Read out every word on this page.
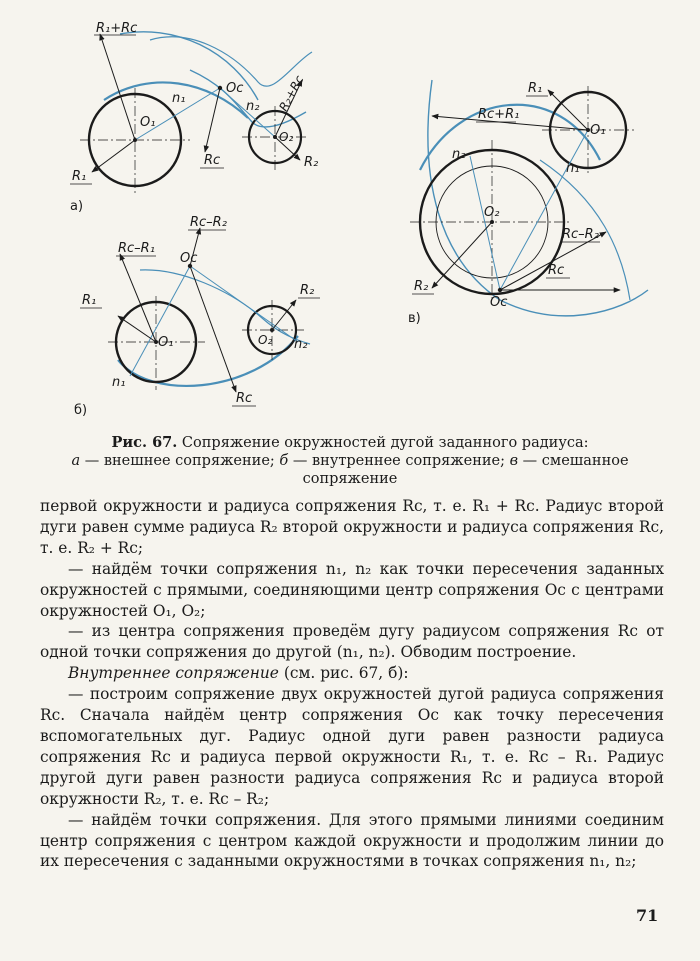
R₁+Rc
Oc
n₁
n₂ R₂+Rc
O₁
O₂
Rc	R₂
R₁
а)
Rc–R₂
Rc–R₁
Oc
R₁
R₂
O₁	O₂ n₂
n₁
Rc
б)
R₁
Rc+R₁
O₁
n₁
n₂
O₂
Rc–R₂
Rc
R₂
Oc
в)
Рис. 67. Сопряжение окружностей дугой заданного радиуса:
а — внешнее сопряжение; б — внутреннее сопряжение; в — смешанное сопряжение

первой окружности и радиуса сопряжения Rc, т. е. R₁ + Rc. Радиус второй дуги равен сумме радиуса R₂ второй окружности и радиуса сопряжения Rc, т. е. R₂ + Rc;

— найдём точки сопряжения n₁, n₂ как точки пересечения заданных окружностей с прямыми, соединяющими центр сопряжения Oc с центрами окружностей O₁, O₂;

— из центра сопряжения проведём дугу радиусом сопряжения Rc от одной точки сопряжения до другой (n₁, n₂). Обводим построение.

Внутреннее сопряжение (см. рис. 67, б):

— построим сопряжение двух окружностей дугой радиуса сопряжения Rc. Сначала найдём центр сопряжения Oc как точку пересечения вспомогательных дуг. Радиус одной дуги равен разности радиуса сопряжения Rc и радиуса первой окружности R₁, т. е. Rc – R₁. Радиус другой дуги равен разности радиуса сопряжения Rc и радиуса второй окружности R₂, т. е. Rc – R₂;

— найдём точки сопряжения. Для этого прямыми линиями соединим центр сопряжения с центром каждой окружности и продолжим линии до их пересечения с заданными окружностями в точках сопряжения n₁, n₂;

71
